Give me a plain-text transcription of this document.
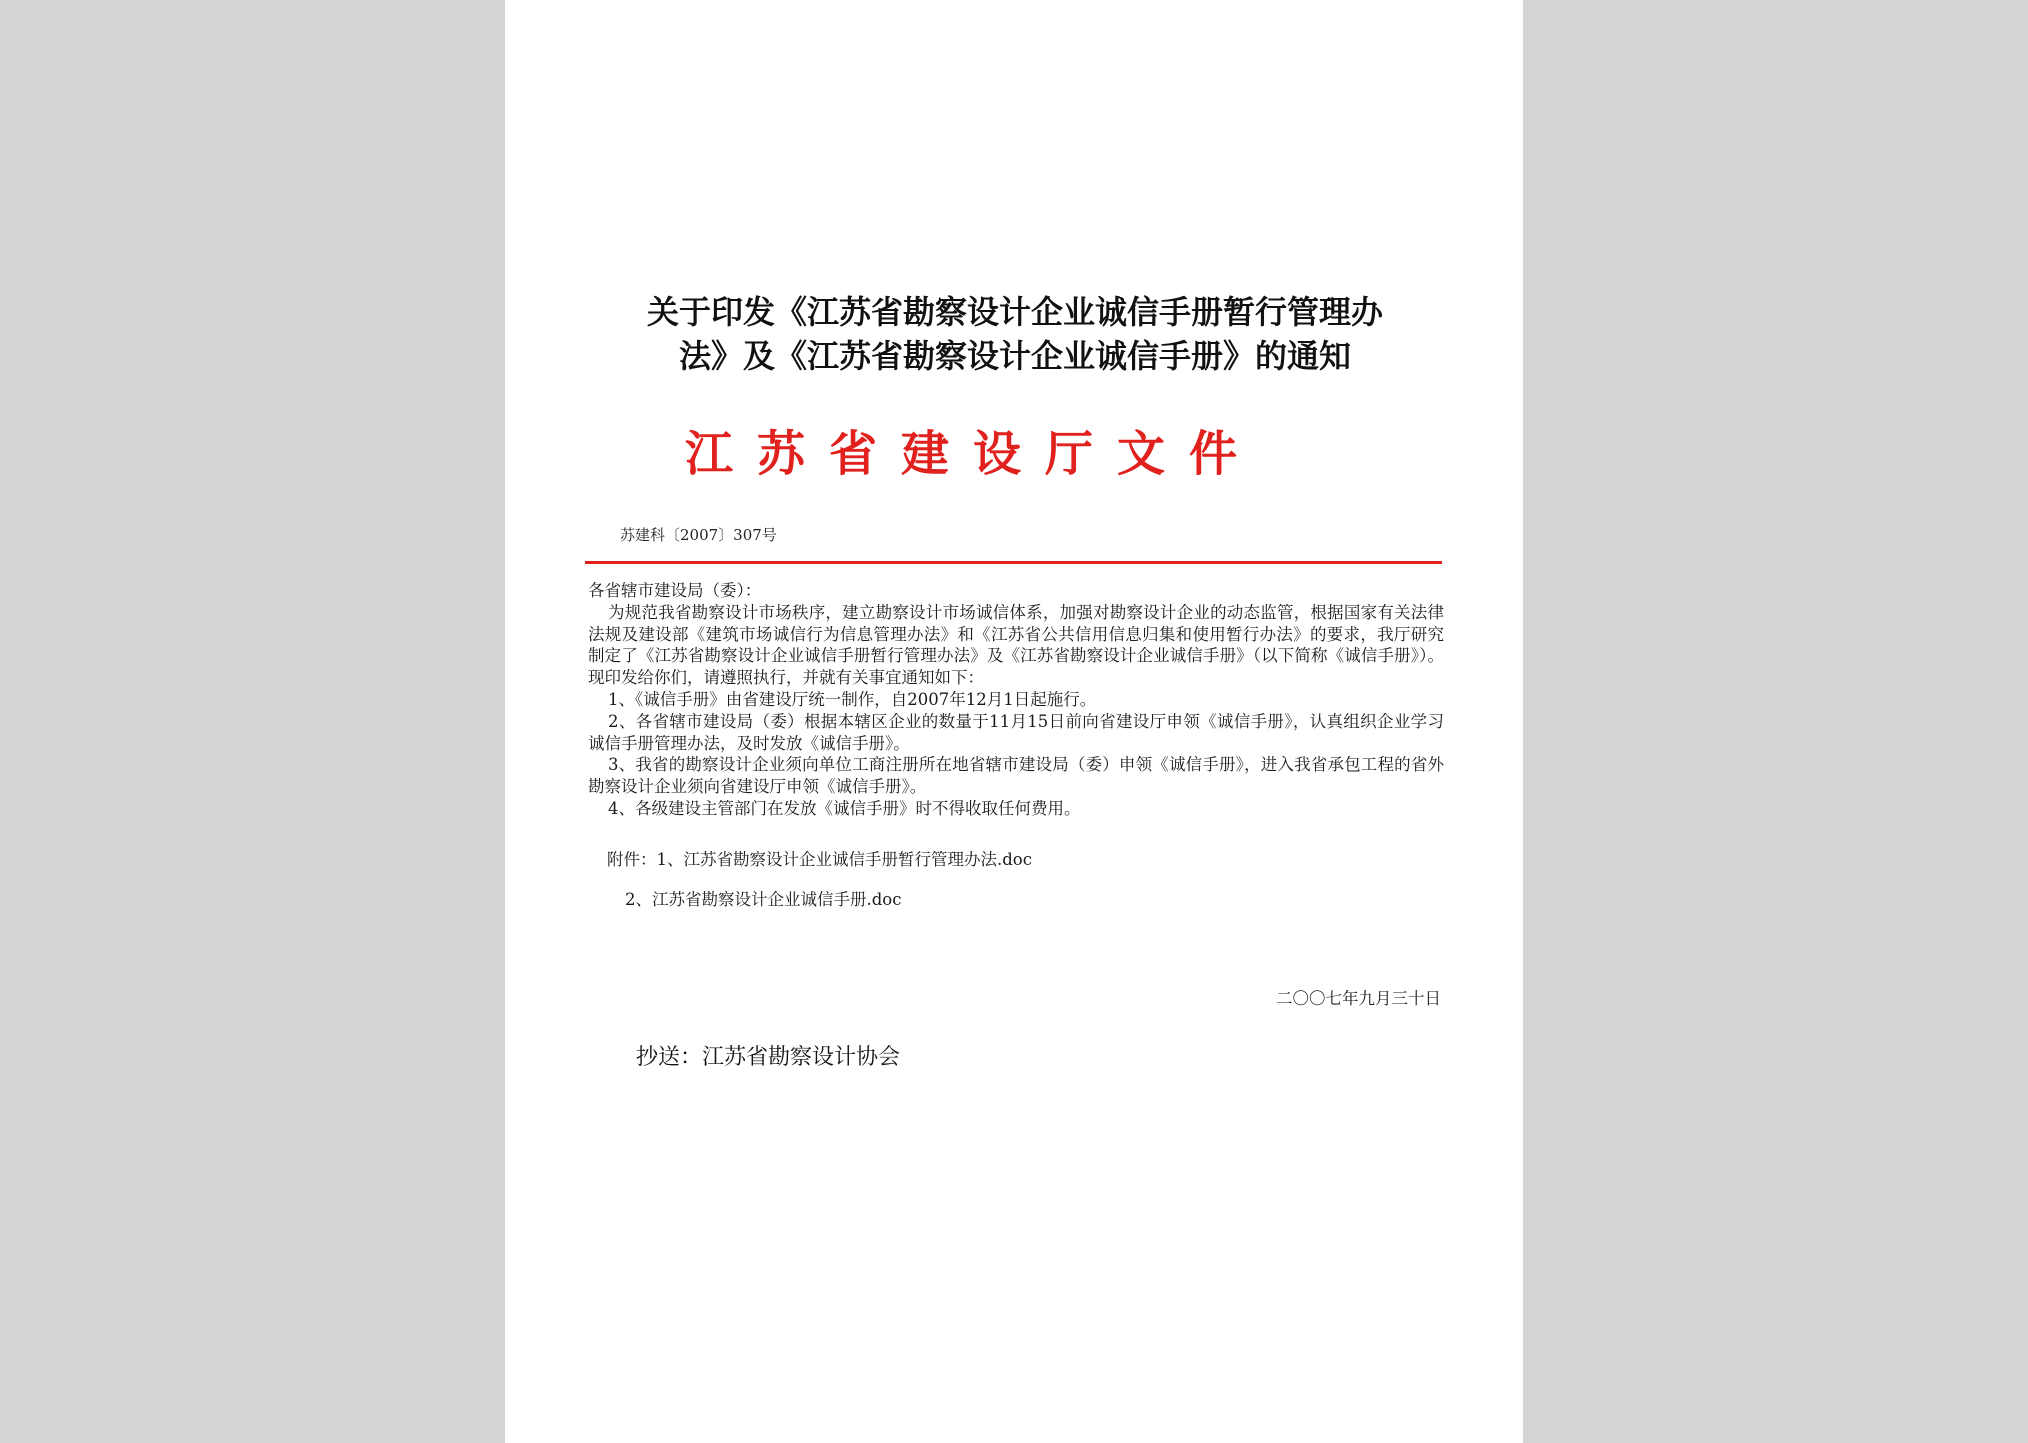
关于印发《江苏省勘察设计企业诚信手册暂行管理办
法》及《江苏省勘察设计企业诚信手册》的通知
江苏省建设厅文件
苏建科〔2007〕307号

各省辖市建设局（委）：

为规范我省勘察设计市场秩序，建立勘察设计市场诚信体系，加强对勘察设计企业的动态监管，根据国家有关法律法规及建设部《建筑市场诚信行为信息管理办法》和《江苏省公共信用信息归集和使用暂行办法》的要求，我厅研究制定了《江苏省勘察设计企业诚信手册暂行管理办法》及《江苏省勘察设计企业诚信手册》（以下简称《诚信手册》）。现印发给你们，请遵照执行，并就有关事宜通知如下：

1、《诚信手册》由省建设厅统一制作，自2007年12月1日起施行。

2、各省辖市建设局（委）根据本辖区企业的数量于11月15日前向省建设厅申领《诚信手册》，认真组织企业学习诚信手册管理办法，及时发放《诚信手册》。

3、我省的勘察设计企业须向单位工商注册所在地省辖市建设局（委）申领《诚信手册》，进入我省承包工程的省外勘察设计企业须向省建设厅申领《诚信手册》。

4、各级建设主管部门在发放《诚信手册》时不得收取任何费用。

附件：1、江苏省勘察设计企业诚信手册暂行管理办法.doc
2、江苏省勘察设计企业诚信手册.doc
二〇〇七年九月三十日
抄送：江苏省勘察设计协会
